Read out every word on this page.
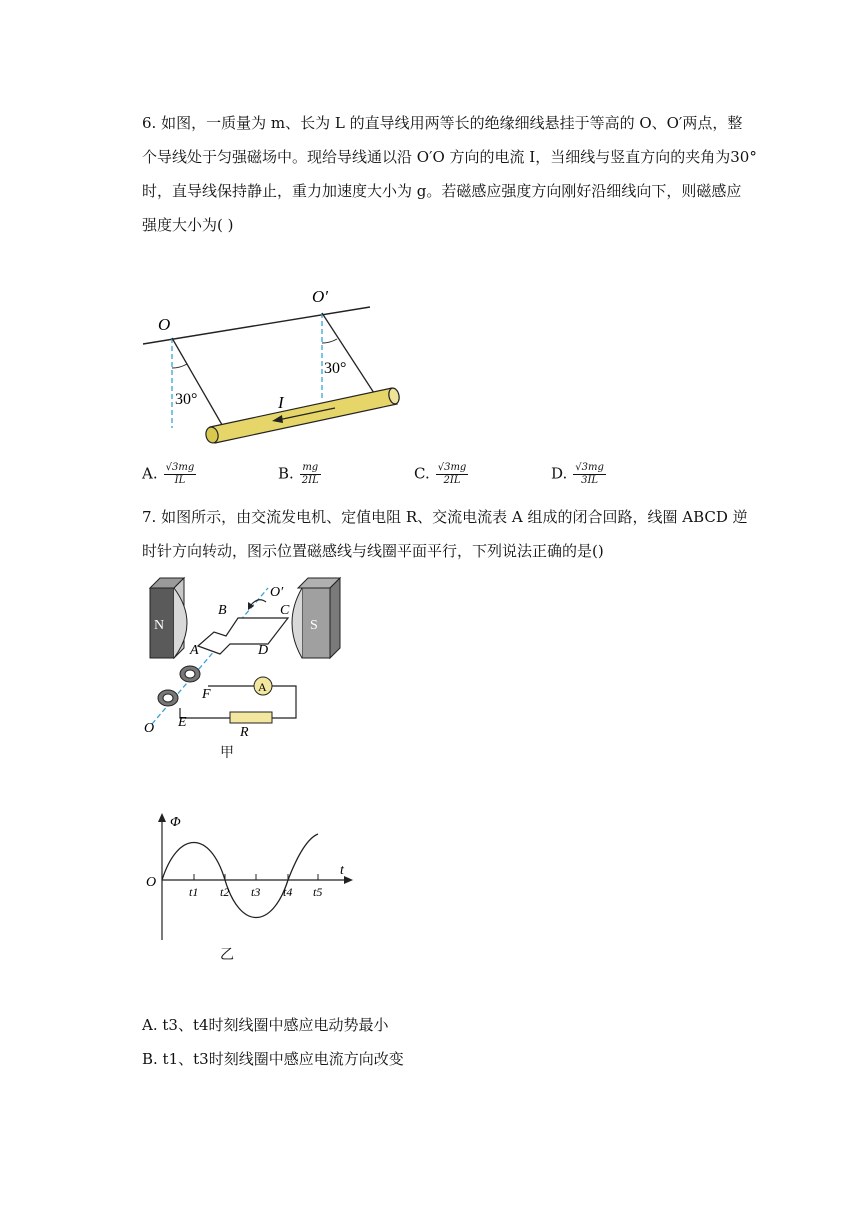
6. 如图，一质量为 m、长为 L 的直导线用两等长的绝缘细线悬挂于等高的 O、O′两点，整
个导线处于匀强磁场中。现给导线通以沿 O′O 方向的电流 I，当细线与竖直方向的夹角为30°
时，直导线保持静止，重力加速度大小为 g。若磁感应强度方向刚好沿细线向下，则磁感应
强度大小为( )
O
O′
30°
30°
I
A. $\frac{√3mg}{IL}$	B. $\frac{mg}{2IL}$	C. $\frac{√3mg}{2IL}$	D. $\frac{√3mg}{3IL}$
7. 如图所示，由交流发电机、定值电阻 R、交流电流表 A 组成的闭合回路，线圈 ABCD 逆
时针方向转动，图示位置磁感线与线圈平面平行，下列说法正确的是()
N	S
A
B	C
A	D
O′
F
E
O	R
甲
Φ
t
O
t1 t2 t3 t4 t5
乙
A. t3、t4时刻线圈中感应电动势最小
B. t1、t3时刻线圈中感应电流方向改变
